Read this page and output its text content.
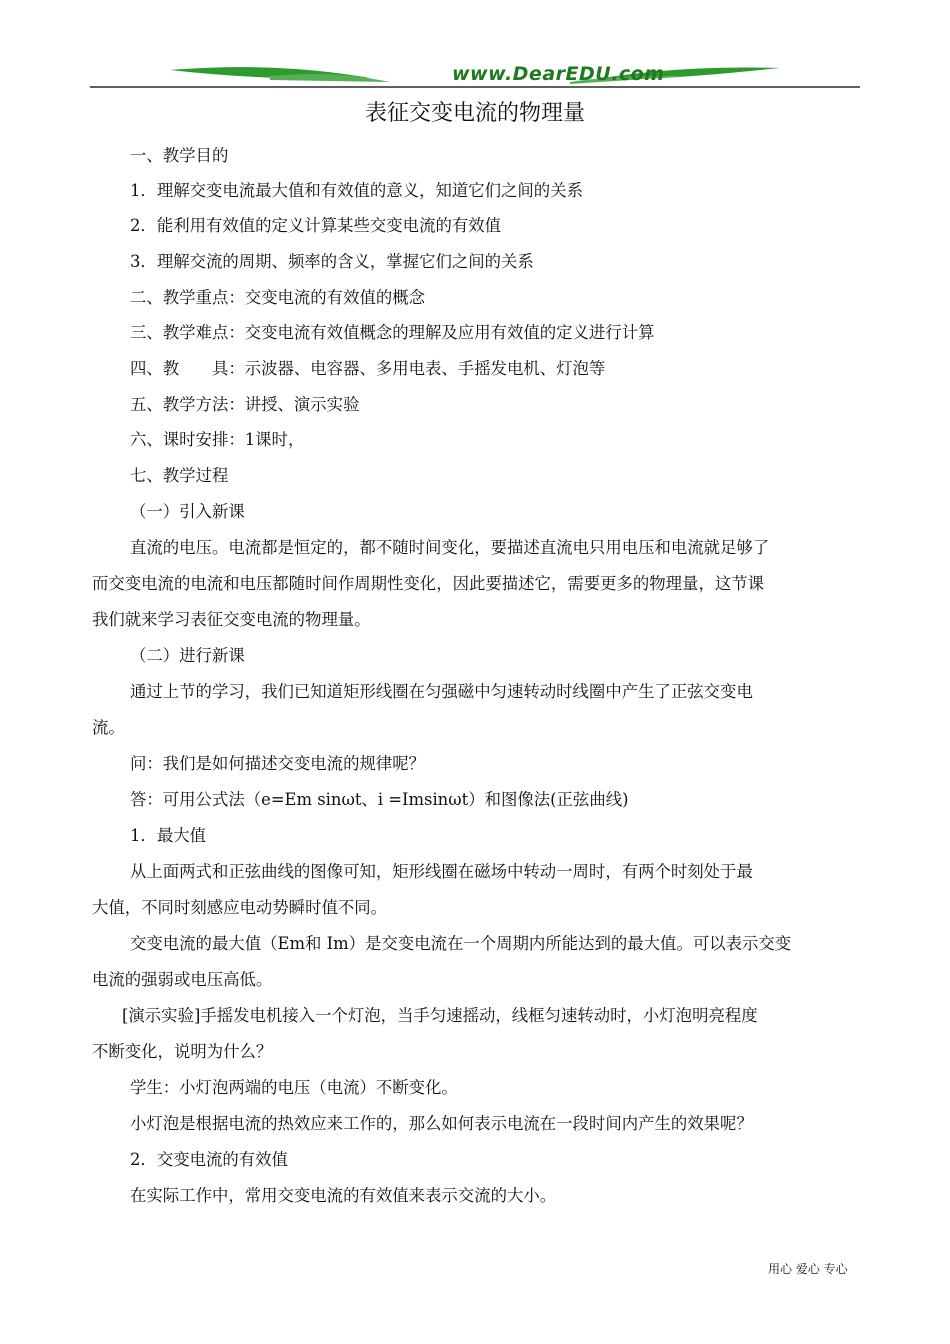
www.DearEDU.com
表征交变电流的物理量
一、教学目的
1．理解交变电流最大值和有效值的意义，知道它们之间的关系
2．能利用有效值的定义计算某些交变电流的有效值
3．理解交流的周期、频率的含义，掌握它们之间的关系
二、教学重点：交变电流的有效值的概念
三、教学难点：交变电流有效值概念的理解及应用有效值的定义进行计算
四、教　　具：示波器、电容器、多用电表、手摇发电机、灯泡等
五、教学方法：讲授、演示实验
六、课时安排：1课时，
七、教学过程
（一）引入新课
直流的电压。电流都是恒定的，都不随时间变化，要描述直流电只用电压和电流就足够了
而交变电流的电流和电压都随时间作周期性变化，因此要描述它，需要更多的物理量，这节课
我们就来学习表征交变电流的物理量。
（二）进行新课
通过上节的学习，我们已知道矩形线圈在匀强磁中匀速转动时线圈中产生了正弦交变电
流。
问：我们是如何描述交变电流的规律呢？
答：可用公式法（e=Em sinωt、i =Imsinωt）和图像法(正弦曲线)
1．最大值
从上面两式和正弦曲线的图像可知，矩形线圈在磁场中转动一周时，有两个时刻处于最
大值，不同时刻感应电动势瞬时值不同。
交变电流的最大值（Em和 Im）是交变电流在一个周期内所能达到的最大值。可以表示交变
电流的强弱或电压高低。
[演示实验]手摇发电机接入一个灯泡，当手匀速摇动，线框匀速转动时，小灯泡明亮程度
不断变化，说明为什么？
学生：小灯泡两端的电压（电流）不断变化。
小灯泡是根据电流的热效应来工作的，那么如何表示电流在一段时间内产生的效果呢？
2．交变电流的有效值
在实际工作中，常用交变电流的有效值来表示交流的大小。
用心 爱心 专心
